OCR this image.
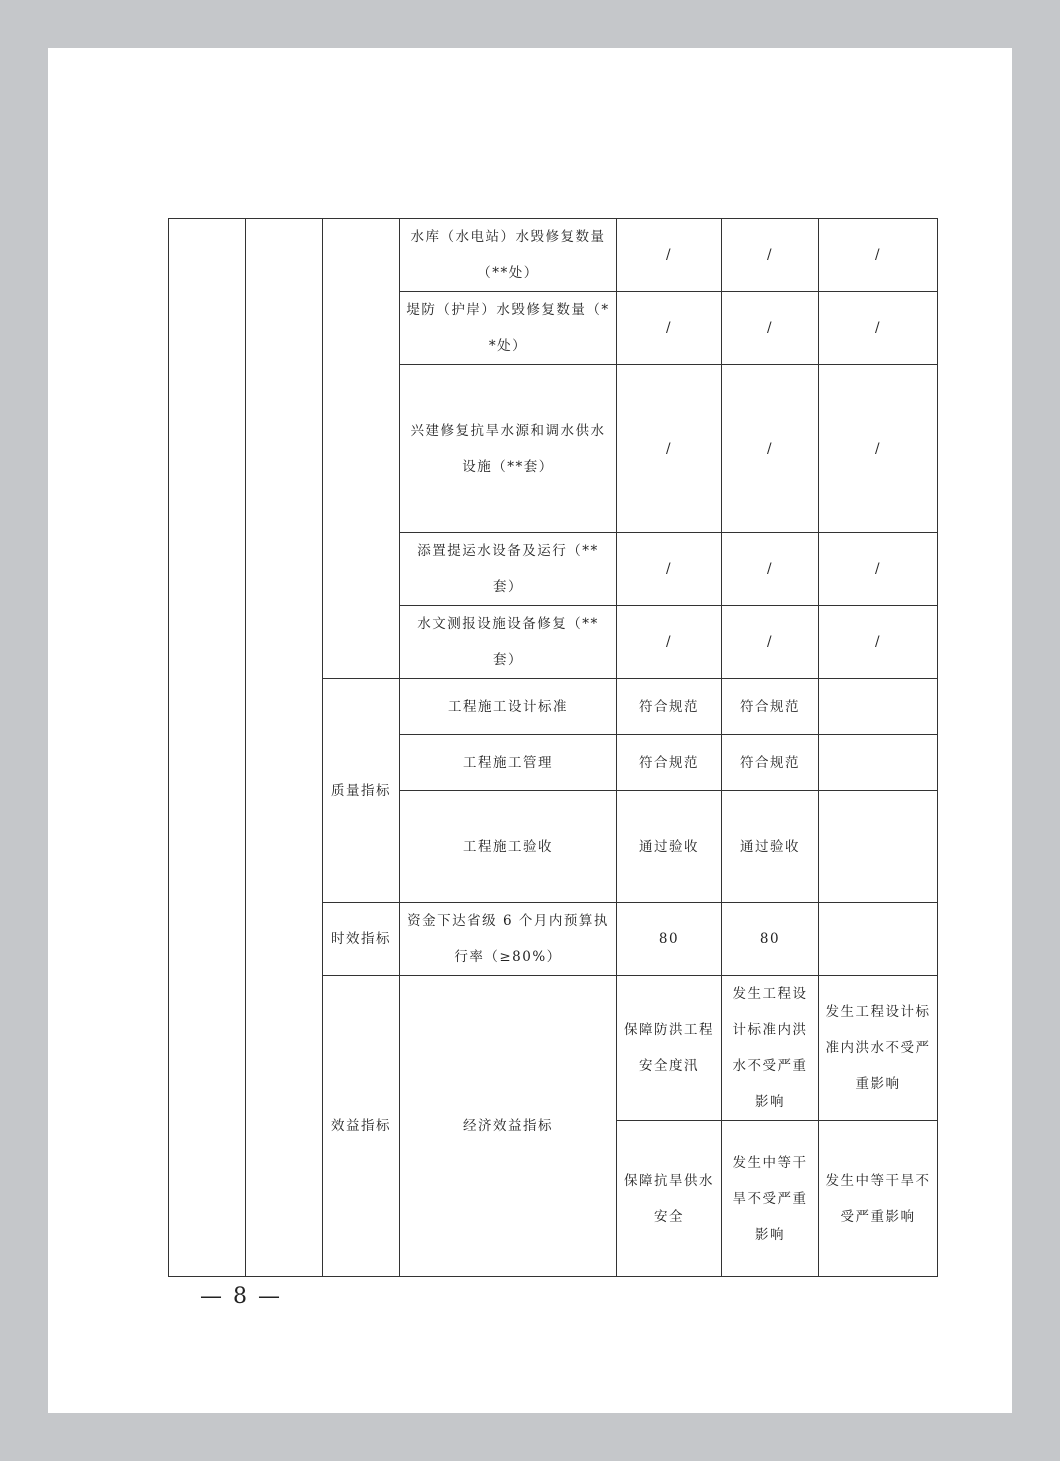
			水库（水电站）水毁修复数量（**处）	/	/	/	
			堤防（护岸）水毁修复数量（**处）	/	/	/	
			兴建修复抗旱水源和调水供水设施（**套）	/	/	/	
			添置提运水设备及运行（**套）	/	/	/	
			水文测报设施设备修复（**套）	/	/	/	
		质量指标	工程施工设计标准	符合规范	符合规范		
			工程施工管理	符合规范	符合规范		
			工程施工验收	通过验收	通过验收		
		时效指标	资金下达省级 6 个月内预算执行率（≥80%）	80	80		
		效益指标	经济效益指标	保障防洪工程安全度汛	发生工程设计标准内洪水不受严重影响	发生工程设计标准内洪水不受严重影响	
				保障抗旱供水安全	发生中等干旱不受严重影响	发生中等干旱不受严重影响	
— 8 —
